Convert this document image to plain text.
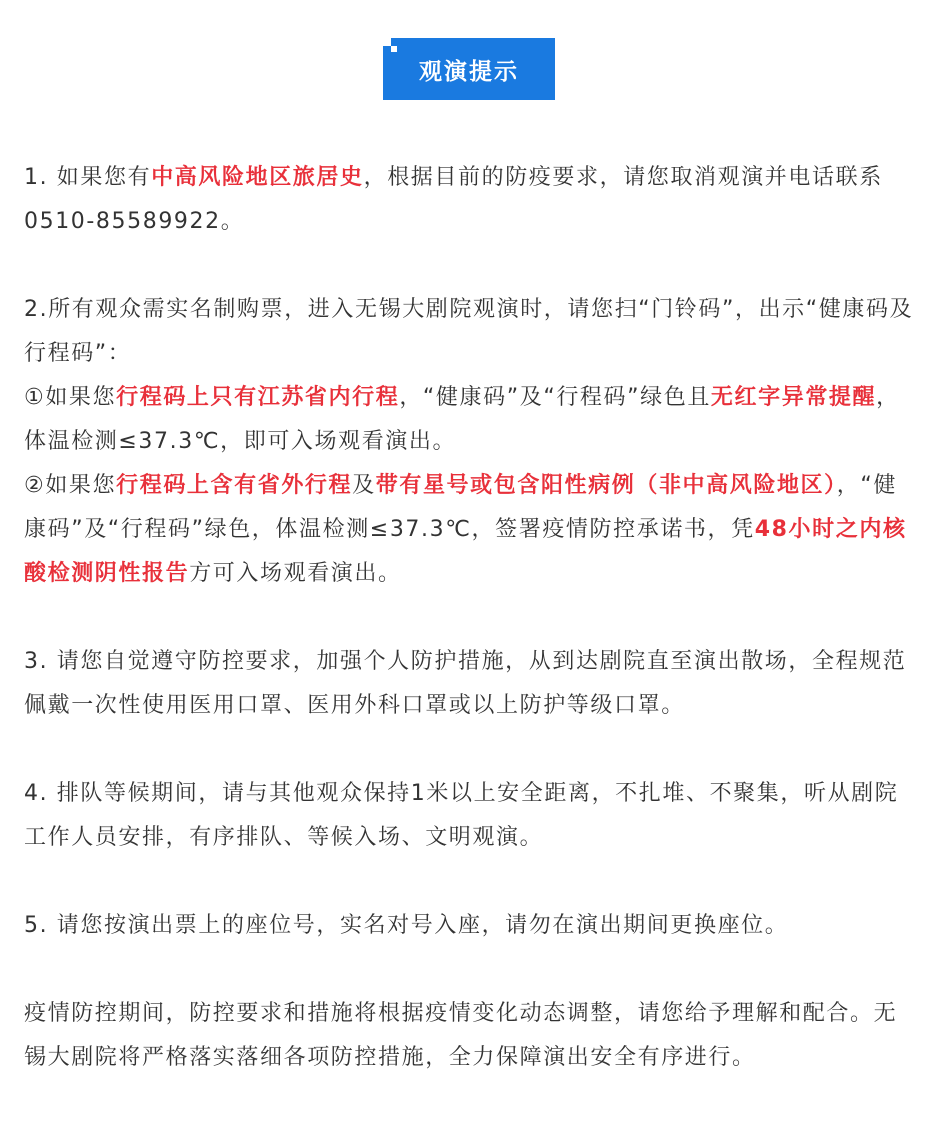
观演提示

1. 如果您有中高风险地区旅居史，根据目前的防疫要求，请您取消观演并电话联系0510-85589922。

2.所有观众需实名制购票，进入无锡大剧院观演时，请您扫“门铃码”，出示“健康码及行程码”：

①如果您行程码上只有江苏省内行程，“健康码”及“行程码”绿色且无红字异常提醒，体温检测≤37.3℃，即可入场观看演出。

②如果您行程码上含有省外行程及带有星号或包含阳性病例（非中高风险地区），“健康码”及“行程码”绿色，体温检测≤37.3℃，签署疫情防控承诺书，凭48小时之内核酸检测阴性报告方可入场观看演出。

3. 请您自觉遵守防控要求，加强个人防护措施，从到达剧院直至演出散场，全程规范佩戴一次性使用医用口罩、医用外科口罩或以上防护等级口罩。

4. 排队等候期间，请与其他观众保持1米以上安全距离，不扎堆、不聚集，听从剧院工作人员安排，有序排队、等候入场、文明观演。

5. 请您按演出票上的座位号，实名对号入座，请勿在演出期间更换座位。

疫情防控期间，防控要求和措施将根据疫情变化动态调整，请您给予理解和配合。无锡大剧院将严格落实落细各项防控措施，全力保障演出安全有序进行。
